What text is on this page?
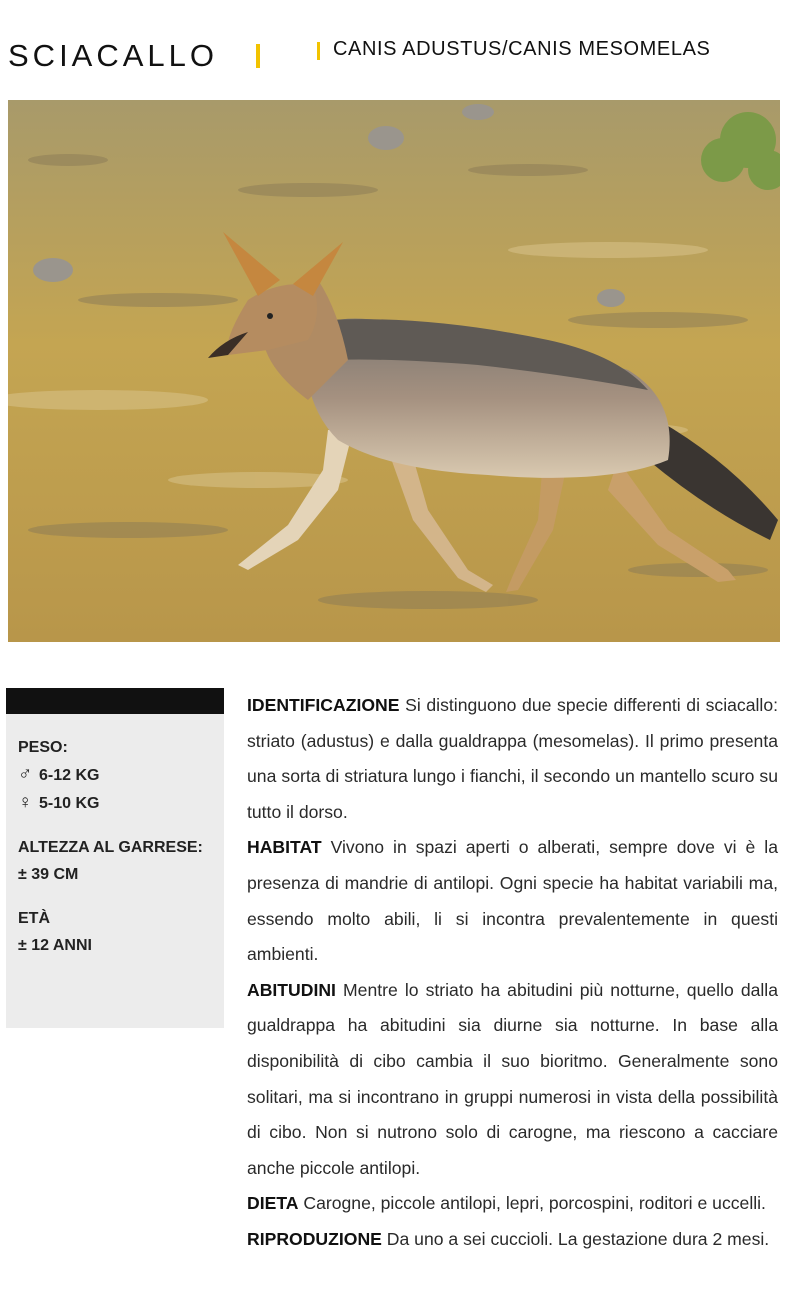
SCIACALLO	CANIS ADUSTUS/CANIS MESOMELAS
PESO:
♂ 6-12 KG
♀ 5-10 KG
ALTEZZA AL GARRESE:
± 39 CM
ETÀ
± 12 ANNI

IDENTIFICAZIONE Si distinguono due specie differenti di sciacallo: striato (adustus) e dalla gualdrappa (mesomelas). Il primo presenta una sorta di striatura lungo i fianchi, il secondo un mantello scuro su tutto il dorso.

HABITAT Vivono in spazi aperti o alberati, sempre dove vi è la presenza di mandrie di antilopi. Ogni specie ha habitat variabili ma, essendo molto abili, li si incontra prevalentemente in questi ambienti.

ABITUDINI Mentre lo striato ha abitudini più notturne, quello dalla gualdrappa ha abitudini sia diurne sia notturne. In base alla disponibilità di cibo cambia il suo bioritmo. Generalmente sono solitari, ma si incontrano in gruppi numerosi in vista della possibilità di cibo. Non si nutrono solo di carogne, ma riescono a cacciare anche piccole antilopi.

DIETA Carogne, piccole antilopi, lepri, porcospini, roditori e uccelli.

RIPRODUZIONE Da uno a sei cuccioli. La gestazione dura 2 mesi.
